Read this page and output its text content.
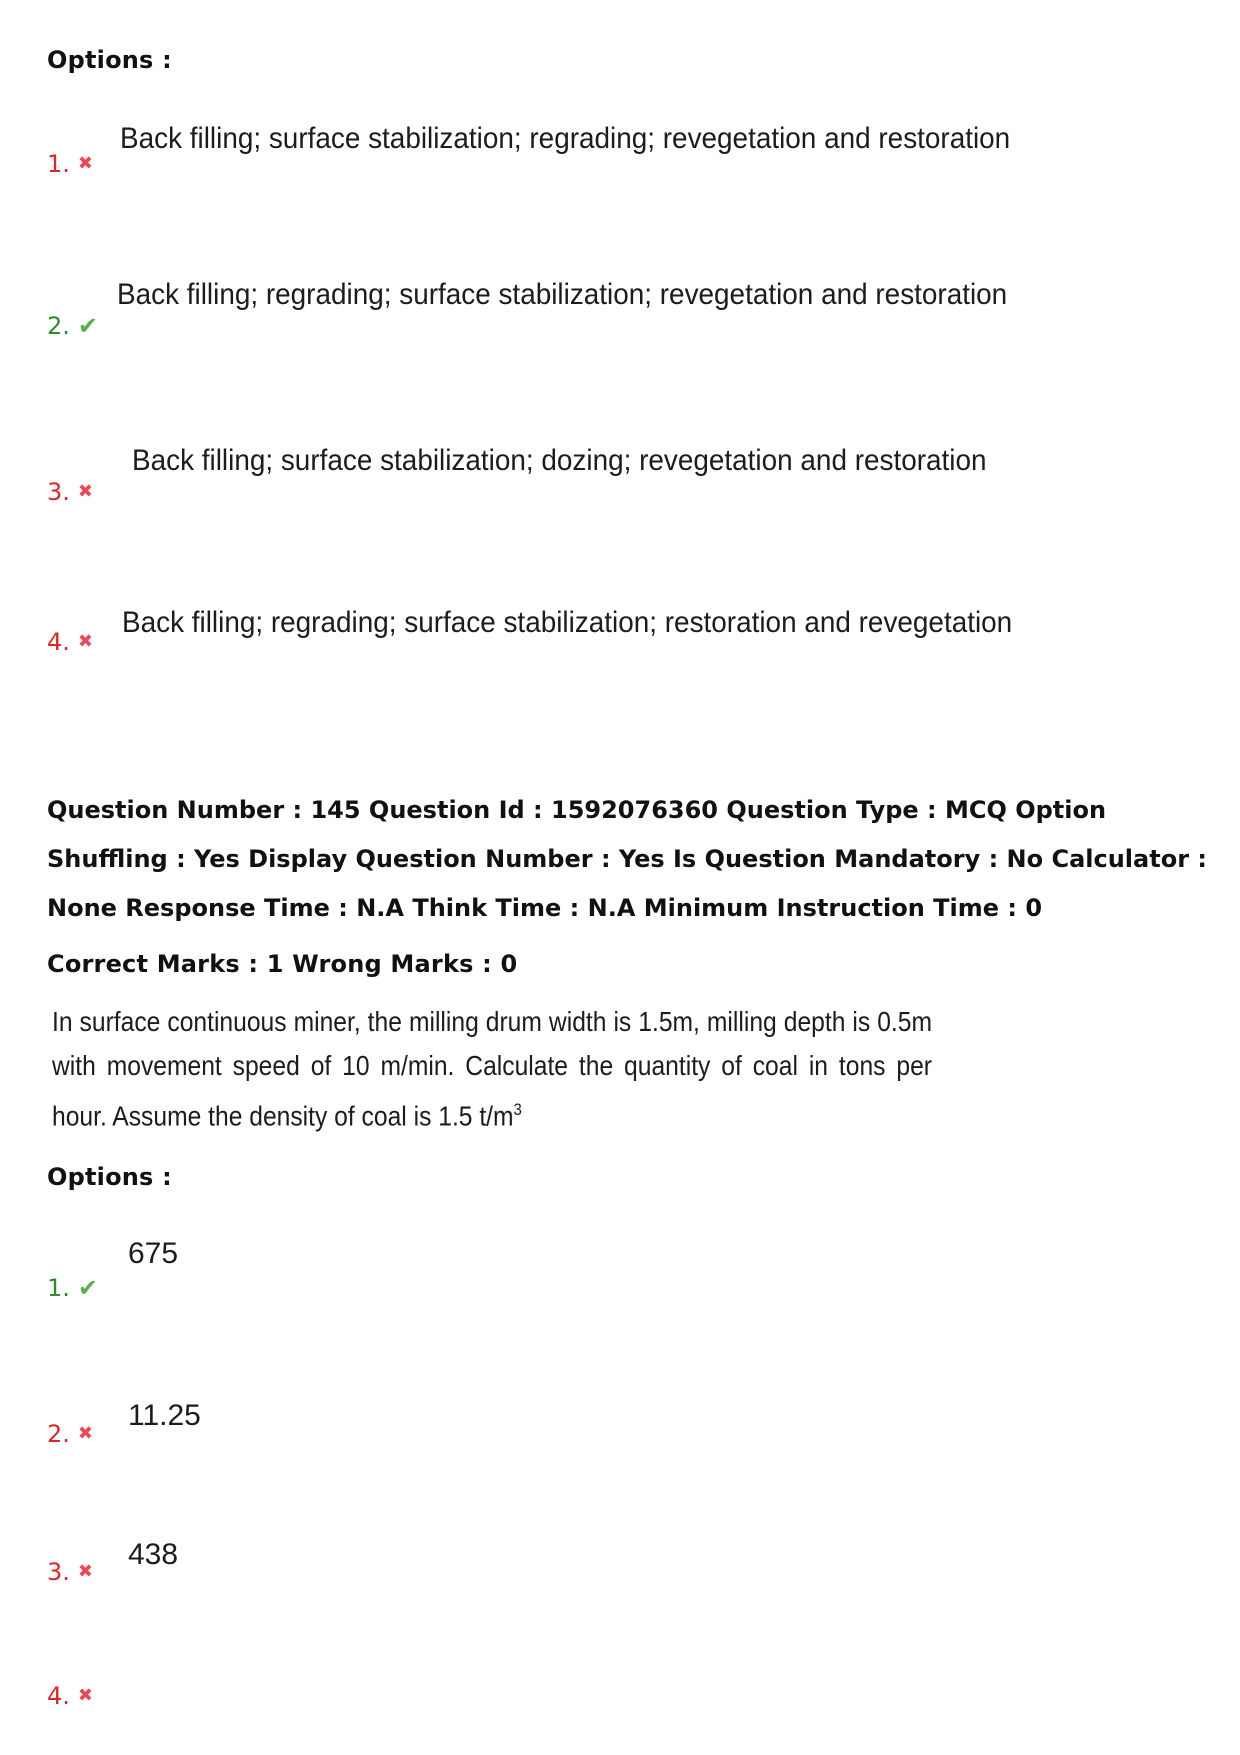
Options :
1. ✖
Back filling; surface stabilization; regrading; revegetation and restoration
2. ✔
Back filling; regrading; surface stabilization; revegetation and restoration
3. ✖
Back filling; surface stabilization; dozing; revegetation and restoration
4. ✖
Back filling; regrading; surface stabilization; restoration and revegetation
Question Number : 145 Question Id : 1592076360 Question Type : MCQ Option Shuffling : Yes Display Question Number : Yes Is Question Mandatory : No Calculator : None Response Time : N.A Think Time : N.A Minimum Instruction Time : 0
Correct Marks : 1 Wrong Marks : 0
In surface continuous miner, the milling drum width is 1.5m, milling depth is 0.5m with movement speed of 10 m/min. Calculate the quantity of coal in tons per hour. Assume the density of coal is 1.5 $t/m^3$
Options :
1. ✔
675
2. ✖
11.25
3. ✖
438
4. ✖
